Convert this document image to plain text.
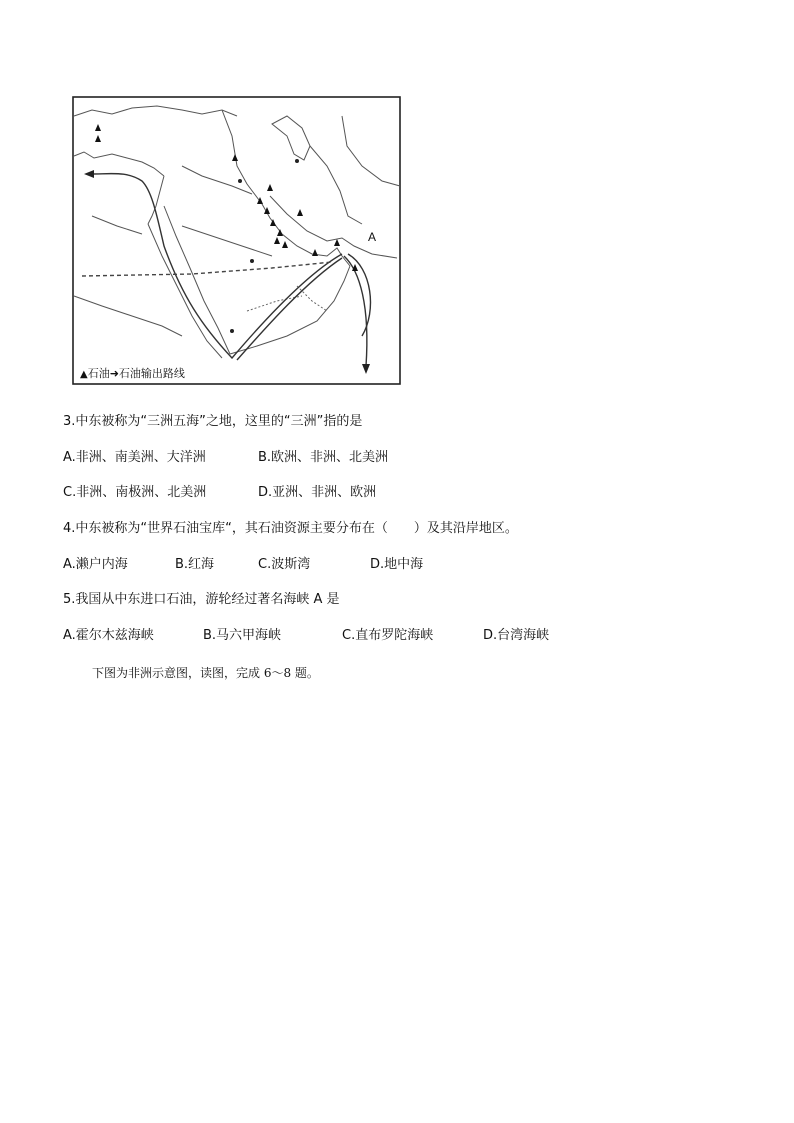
A
▲石油➜石油输出路线
3.中东被称为“三洲五海”之地，这里的“三洲”指的是
A.非洲、南美洲、大洋洲	B.欧洲、非洲、北美洲
C.非洲、南极洲、北美洲	D.亚洲、非洲、欧洲
4.中东被称为“世界石油宝库“，其石油资源主要分布在（　　）及其沿岸地区。
A.濑户内海	B.红海	C.波斯湾	D.地中海
5.我国从中东进口石油，游轮经过著名海峡 A 是
A.霍尔木兹海峡	B.马六甲海峡	C.直布罗陀海峡	D.台湾海峡
下图为非洲示意图，读图，完成 6～8 题。
